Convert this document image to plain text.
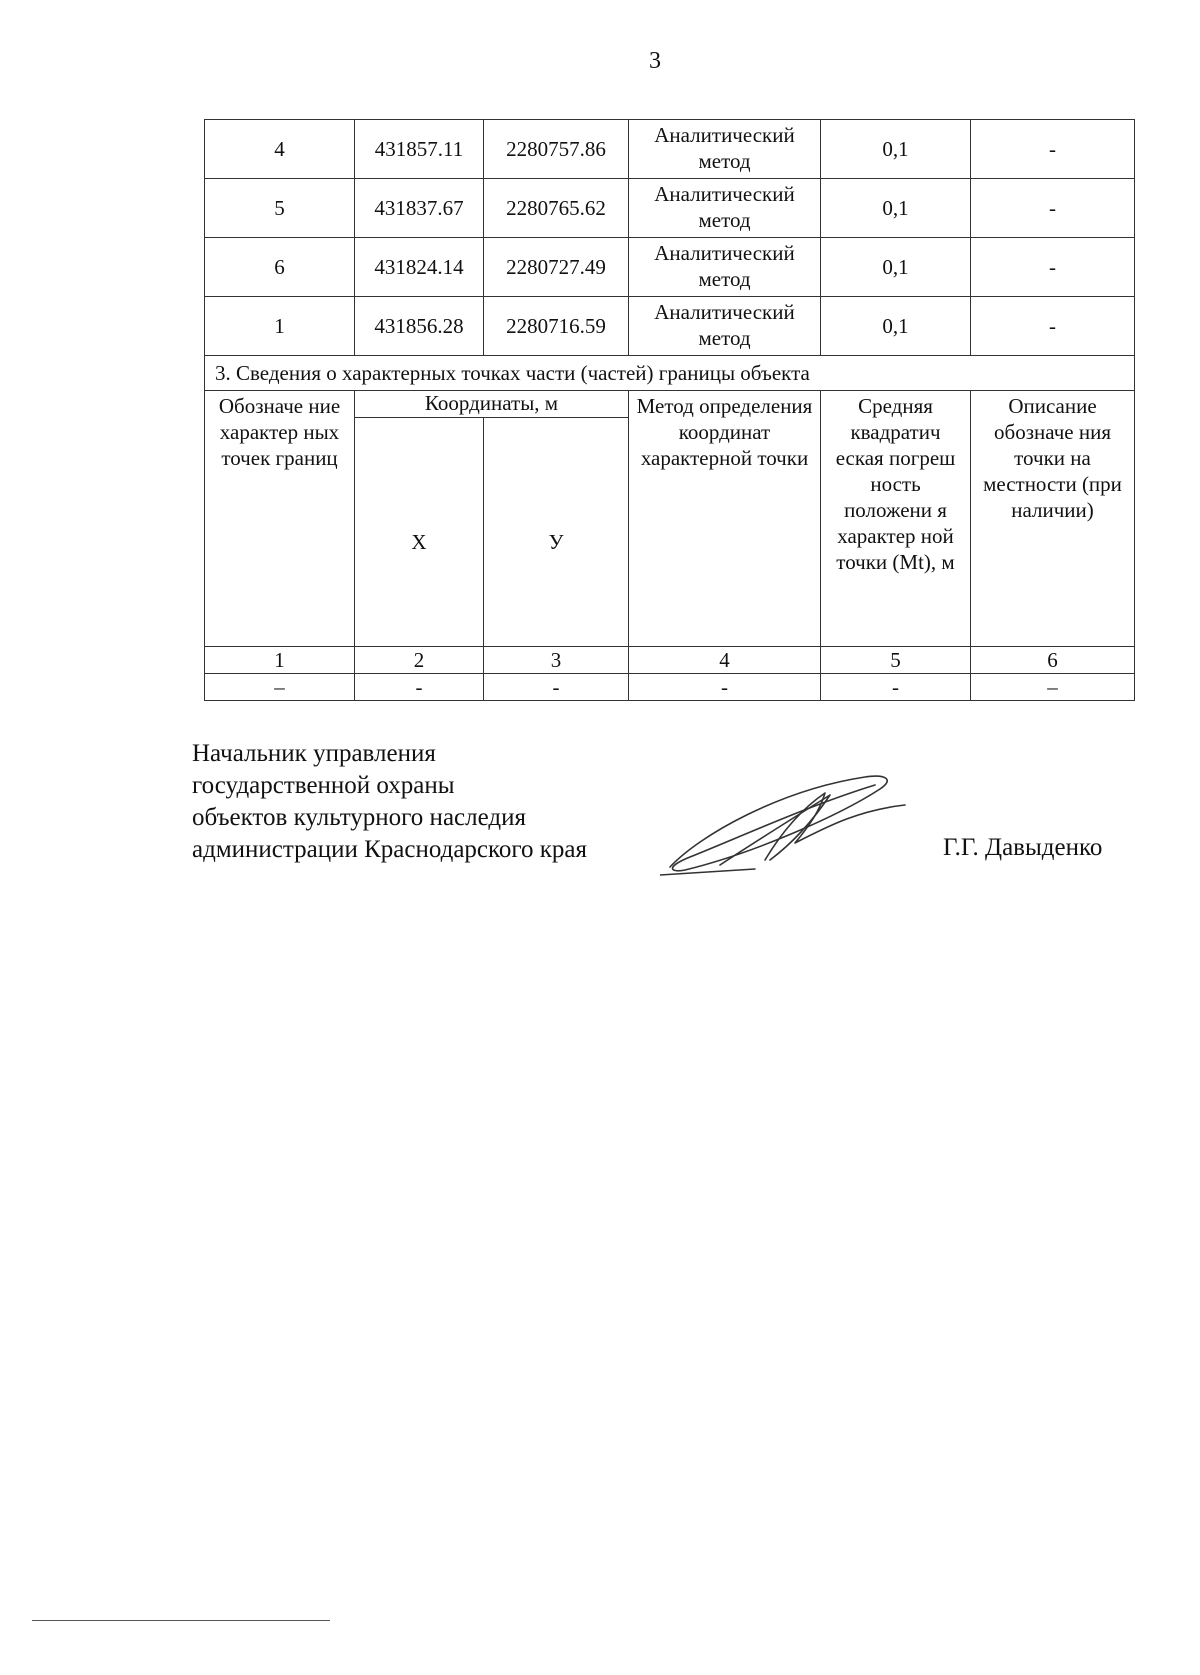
3
4	431857.11	2280757.86	Аналитический метод	0,1	-
5	431837.67	2280765.62	Аналитический метод	0,1	-
6	431824.14	2280727.49	Аналитический метод	0,1	-
1	431856.28	2280716.59	Аналитический метод	0,1	-
3. Сведения о характерных точках части (частей) границы объекта					
Обозначе ние характер ных точек границ	Координаты, м		Метод определения координат характерной точки	Средняя квадратич еская погреш ность положени я характер ной точки (Mt), м	Описание обозначе ния точки на местности (при наличии)
	Х	У			
1	2	3	4	5	6
–	-	-	-	-	–
Начальник управления
государственной охраны
объектов культурного наследия
администрации Краснодарского края	Г.Г. Давыденко
